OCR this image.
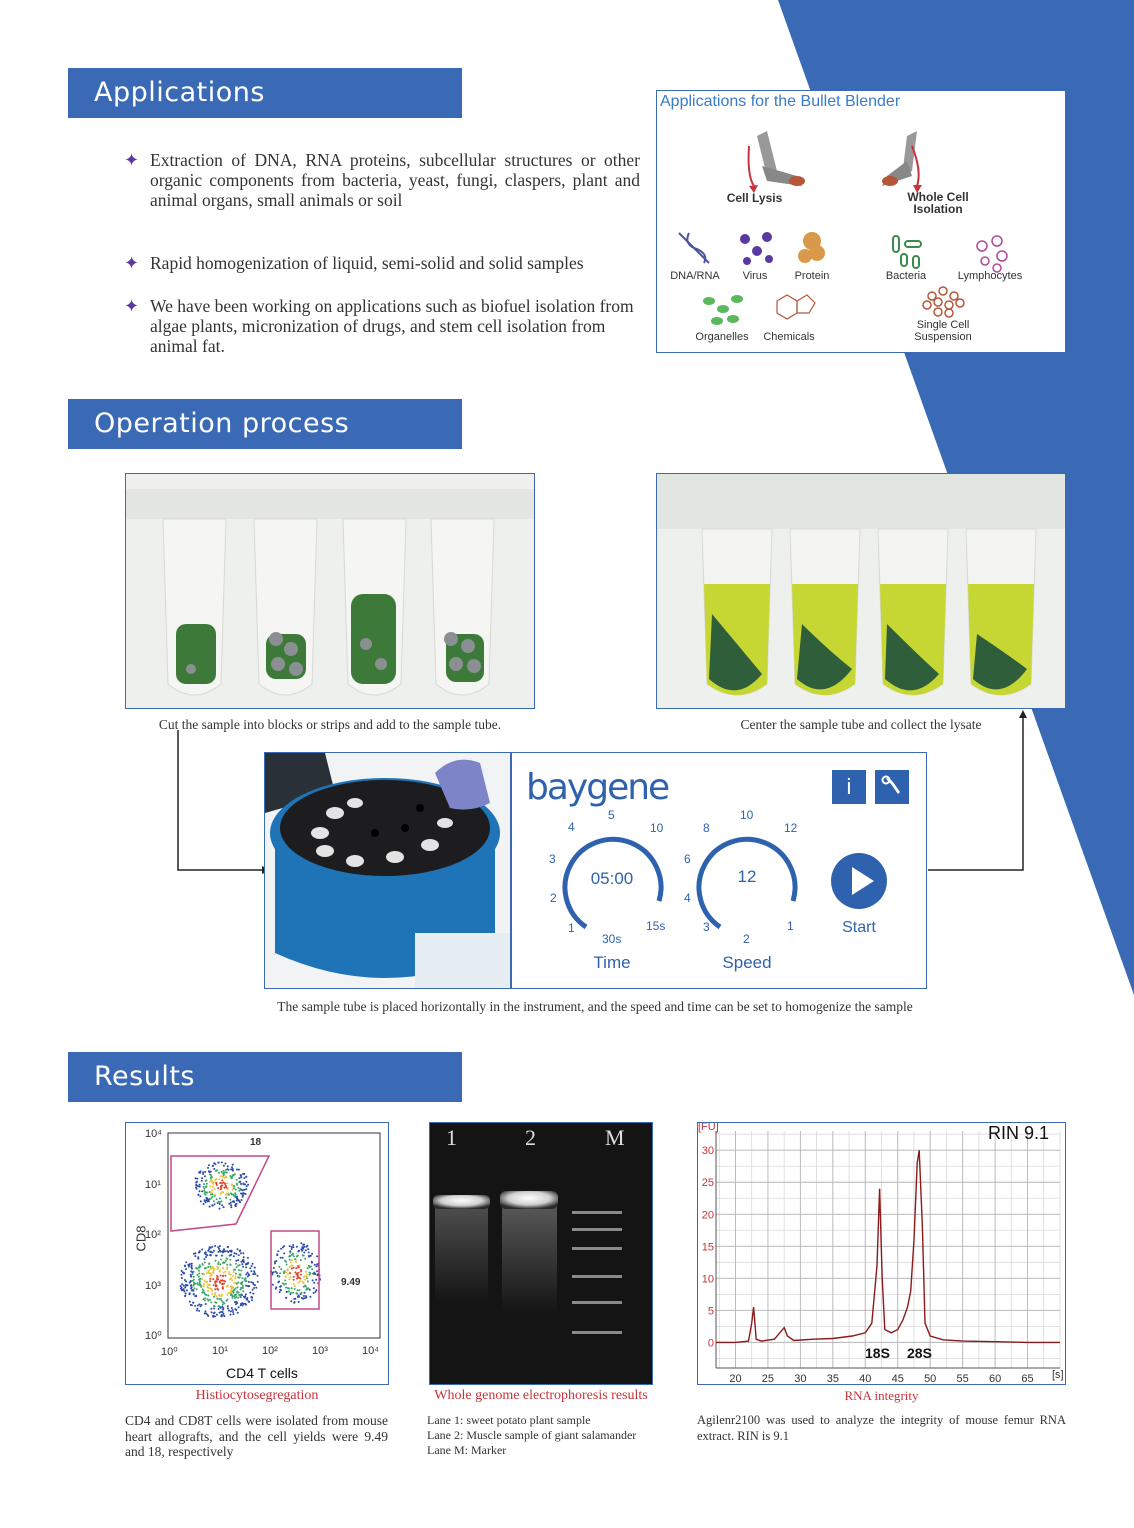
Applications
✦ Extraction of DNA, RNA proteins, subcellular structures or other organic components from bacteria, yeast, fungi, claspers, plant and animal organs, small animals or soil
✦ Rapid homogenization of liquid, semi-solid and solid samples
✦ We have been working on applications such as biofuel isolation from algae plants, micronization of drugs, and stem cell isolation from animal fat.
Applications for the Bullet Blender
Cell Lysis	Whole Cell Isolation
DNA/RNA	Virus	Protein	Bacteria	Lymphocytes
Organelles	Chemicals
Single Cell Suspension
Operation process
Cut the sample into blocks or strips and add to the sample tube.	Center the sample tube and collect the lysate
baygene	i
05:00
Time
1
2
3
4
5
10
15s
30s
12
Speed
1
2
3
4
6
8
10
12
Start
The sample tube is placed horizontally in the instrument, and the speed and time can be set to homogenize the sample
Results
18
9.49
10⁴
10¹
10²
10³
10⁰
CD8
10⁰	10¹	10²	10³	10⁴
CD4 T cells
1	2	M
0
5
10
15
20
25
30
20 25 30 35 40 45 50 55 60 65
RIN 9.1
[FU]
[s]
18S 28S
Histiocytosegregation	Whole genome electrophoresis results	RNA integrity
CD4 and CD8T cells were isolated from mouse heart allografts, and the cell yields were 9.49 and 18, respectively
Lane 1: sweet potato plant sample
Lane 2: Muscle sample of giant salamander
Lane M: Marker
Agilenr2100 was used to analyze the integrity of mouse femur RNA extract. RIN is 9.1
